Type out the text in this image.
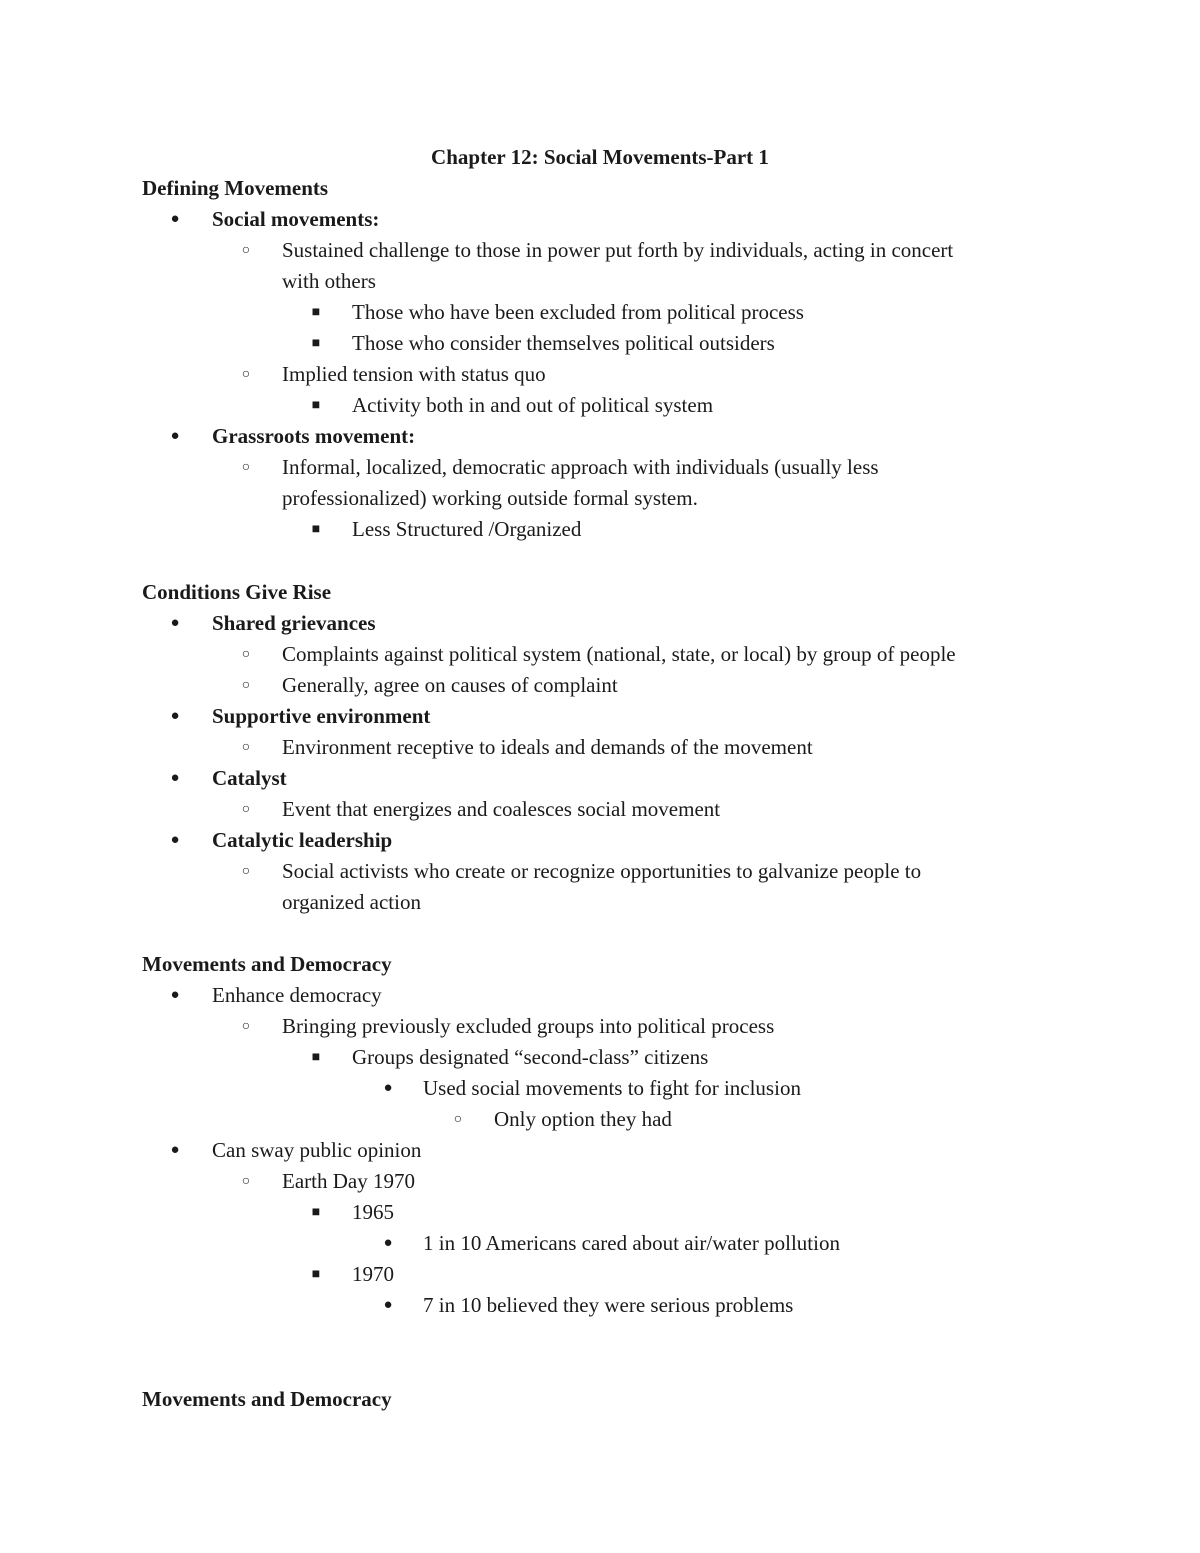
Chapter 12: Social Movements-Part 1
Defining Movements
● Social movements:
○ Sustained challenge to those in power put forth by individuals, acting in concert
with others
■ Those who have been excluded from political process
■ Those who consider themselves political outsiders
○ Implied tension with status quo
■ Activity both in and out of political system
● Grassroots movement:
○ Informal, localized, democratic approach with individuals (usually less
professionalized) working outside formal system.
■ Less Structured /Organized
Conditions Give Rise
● Shared grievances
○ Complaints against political system (national, state, or local) by group of people
○ Generally, agree on causes of complaint
● Supportive environment
○ Environment receptive to ideals and demands of the movement
● Catalyst
○ Event that energizes and coalesces social movement
● Catalytic leadership
○ Social activists who create or recognize opportunities to galvanize people to
organized action
Movements and Democracy
● Enhance democracy
○ Bringing previously excluded groups into political process
■ Groups designated “second-class” citizens
● Used social movements to fight for inclusion
○ Only option they had
● Can sway public opinion
○ Earth Day 1970
■ 1965
● 1 in 10 Americans cared about air/water pollution
■ 1970
● 7 in 10 believed they were serious problems
Movements and Democracy
